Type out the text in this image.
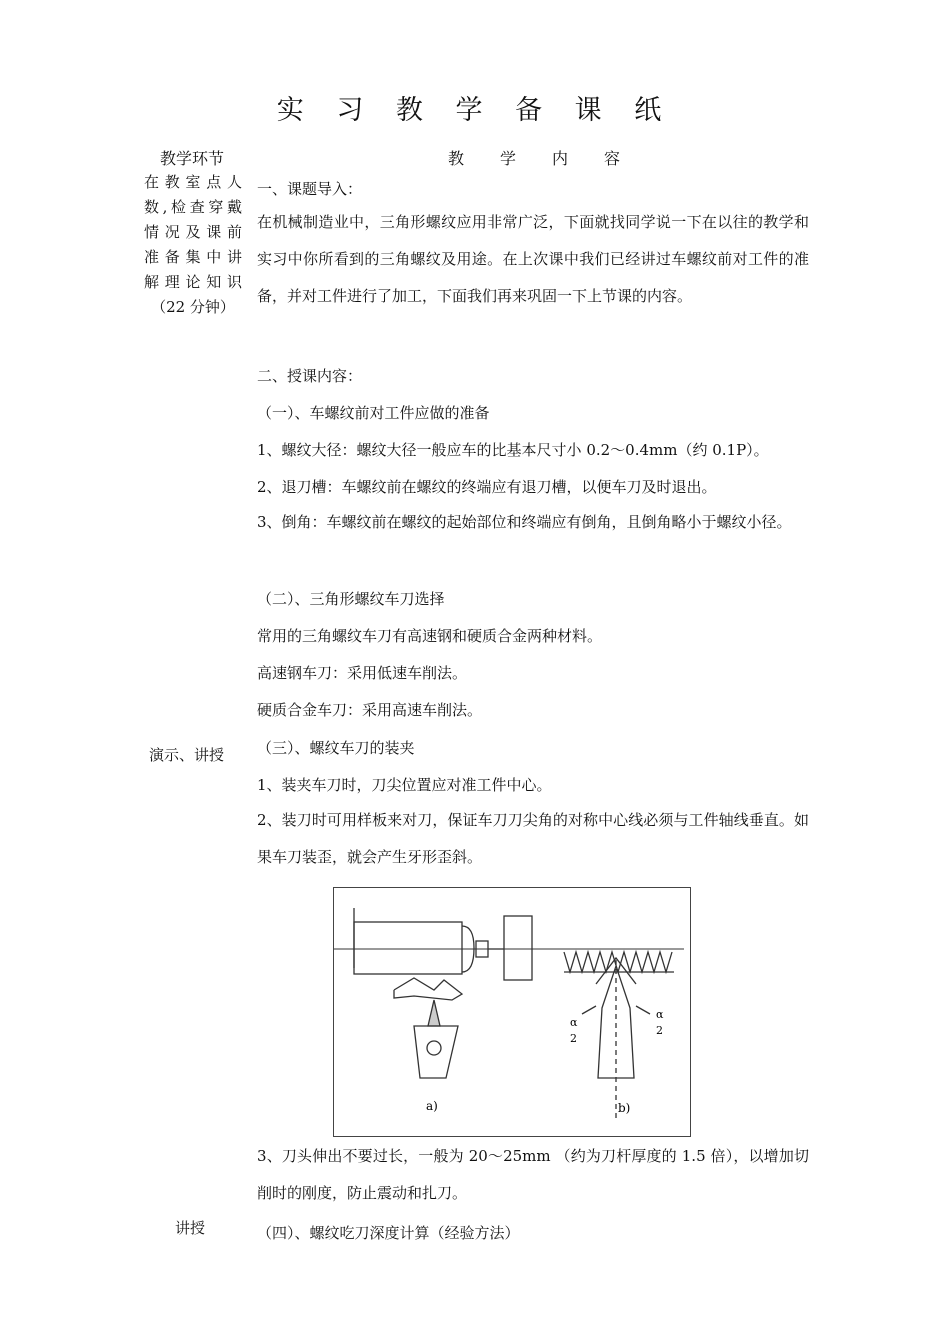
实 习 教 学 备 课 纸
教学环节	教　学　内　容
在教室点人
数,检查穿戴
情况及课前
准备集中讲
解理论知识
（22 分钟）
演示、讲授
讲授
一、课题导入：
在机械制造业中，三角形螺纹应用非常广泛，下面就找同学说一下在以往的教学和实习中你所看到的三角螺纹及用途。在上次课中我们已经讲过车螺纹前对工件的准备，并对工件进行了加工，下面我们再来巩固一下上节课的内容。
二、授课内容：
（一）、车螺纹前对工件应做的准备
1、螺纹大径：螺纹大径一般应车的比基本尺寸小 0.2～0.4mm（约 0.1P）。
2、退刀槽：车螺纹前在螺纹的终端应有退刀槽，以便车刀及时退出。
3、倒角：车螺纹前在螺纹的起始部位和终端应有倒角，且倒角略小于螺纹小径。
（二）、三角形螺纹车刀选择
常用的三角螺纹车刀有高速钢和硬质合金两种材料。
高速钢车刀：采用低速车削法。
硬质合金车刀：采用高速车削法。
（三）、螺纹车刀的装夹
1、装夹车刀时，刀尖位置应对准工件中心。
2、装刀时可用样板来对刀，保证车刀刀尖角的对称中心线必须与工件轴线垂直。如果车刀装歪，就会产生牙形歪斜。
a)	b)
α
2
α
2
3、刀头伸出不要过长，一般为 20～25mm （约为刀杆厚度的 1.5 倍），以增加切削时的刚度，防止震动和扎刀。
（四）、螺纹吃刀深度计算（经验方法）
